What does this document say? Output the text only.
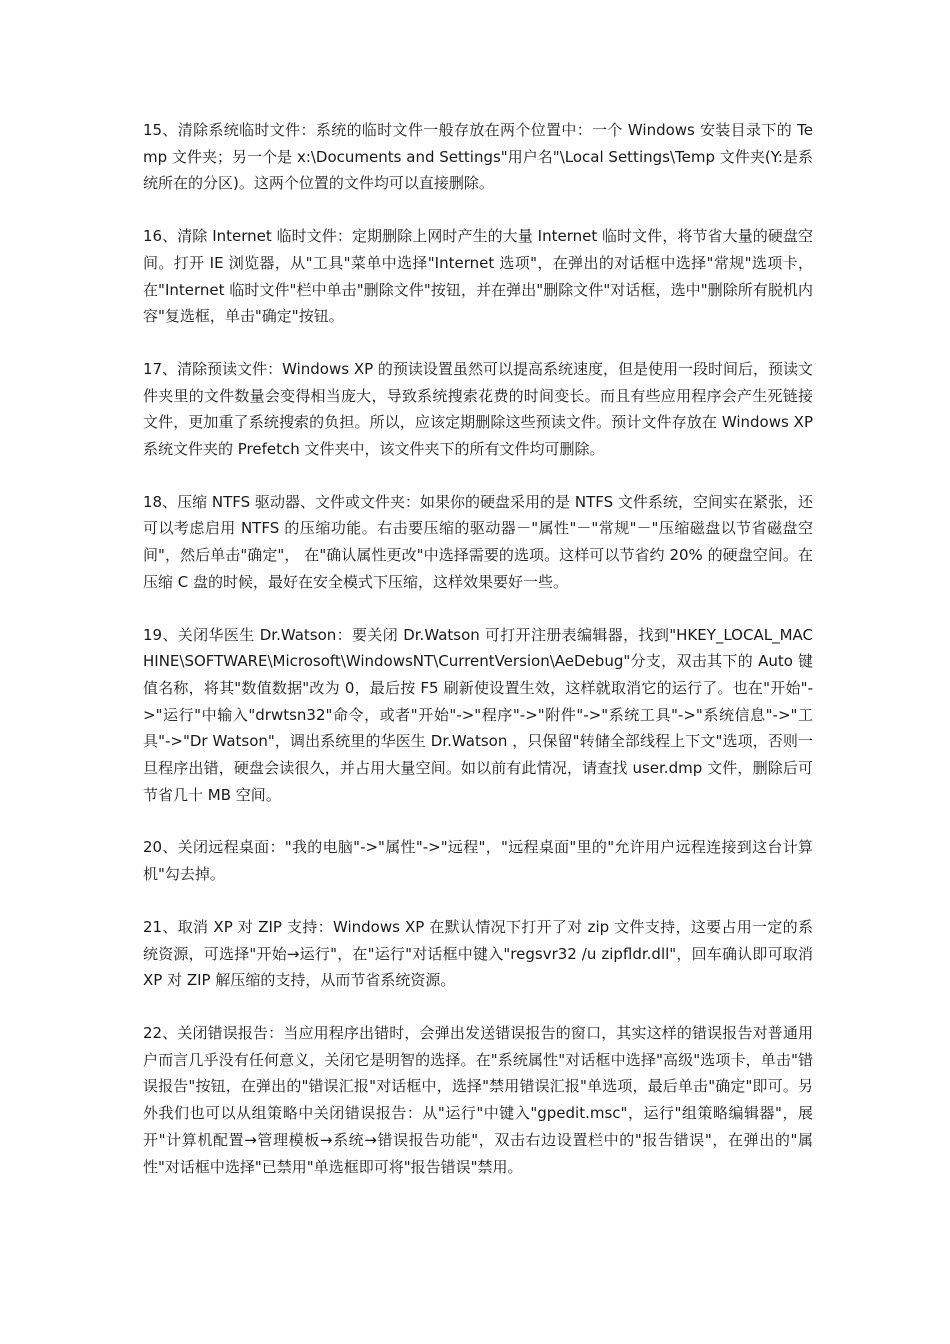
15、清除系统临时文件：系统的临时文件一般存放在两个位置中：一个 Windows 安装目录下的 Temp 文件夹；另一个是 x:\Documents and Settings"用户名"\Local Settings\Temp 文件夹(Y:是系统所在的分区)。这两个位置的文件均可以直接删除。

16、清除 Internet 临时文件：定期删除上网时产生的大量 Internet 临时文件，将节省大量的硬盘空间。打开 IE 浏览器，从"工具"菜单中选择"Internet 选项"，在弹出的对话框中选择"常规"选项卡，在"Internet 临时文件"栏中单击"删除文件"按钮，并在弹出"删除文件"对话框，选中"删除所有脱机内容"复选框，单击"确定"按钮。

17、清除预读文件：Windows XP 的预读设置虽然可以提高系统速度，但是使用一段时间后，预读文件夹里的文件数量会变得相当庞大，导致系统搜索花费的时间变长。而且有些应用程序会产生死链接文件，更加重了系统搜索的负担。所以，应该定期删除这些预读文件。预计文件存放在 Windows XP 系统文件夹的 Prefetch 文件夹中，该文件夹下的所有文件均可删除。

18、压缩 NTFS 驱动器、文件或文件夹：如果你的硬盘采用的是 NTFS 文件系统，空间实在紧张，还可以考虑启用 NTFS 的压缩功能。右击要压缩的驱动器－"属性"－"常规"－"压缩磁盘以节省磁盘空间"，然后单击"确定"， 在"确认属性更改"中选择需要的选项。这样可以节省约 20% 的硬盘空间。在压缩 C 盘的时候，最好在安全模式下压缩，这样效果要好一些。

19、关闭华医生 Dr.Watson：要关闭 Dr.Watson 可打开注册表编辑器，找到"HKEY_LOCAL_MACHINE\SOFTWARE\Microsoft\WindowsNT\CurrentVersion\AeDebug"分支，双击其下的 Auto 键值名称，将其"数值数据"改为 0，最后按 F5 刷新使设置生效，这样就取消它的运行了。也在"开始"->"运行"中输入"drwtsn32"命令，或者"开始"->"程序"->"附件"->"系统工具"->"系统信息"->"工具"->"Dr Watson"，调出系统里的华医生 Dr.Watson ，只保留"转储全部线程上下文"选项，否则一旦程序出错，硬盘会读很久，并占用大量空间。如以前有此情况，请查找 user.dmp 文件，删除后可节省几十 MB 空间。

20、关闭远程桌面："我的电脑"->"属性"->"远程"，"远程桌面"里的"允许用户远程连接到这台计算机"勾去掉。

21、取消 XP 对 ZIP 支持：Windows XP 在默认情况下打开了对 zip 文件支持，这要占用一定的系统资源，可选择"开始→运行"，在"运行"对话框中键入"regsvr32 /u zipfldr.dll"，回车确认即可取消 XP 对 ZIP 解压缩的支持，从而节省系统资源。

22、关闭错误报告：当应用程序出错时，会弹出发送错误报告的窗口，其实这样的错误报告对普通用户而言几乎没有任何意义，关闭它是明智的选择。在"系统属性"对话框中选择"高级"选项卡，单击"错误报告"按钮，在弹出的"错误汇报"对话框中，选择"禁用错误汇报"单选项，最后单击"确定"即可。另外我们也可以从组策略中关闭错误报告：从"运行"中键入"gpedit.msc"，运行"组策略编辑器"，展开"计算机配置→管理模板→系统→错误报告功能"，双击右边设置栏中的"报告错误"，在弹出的"属性"对话框中选择"已禁用"单选框即可将"报告错误"禁用。
